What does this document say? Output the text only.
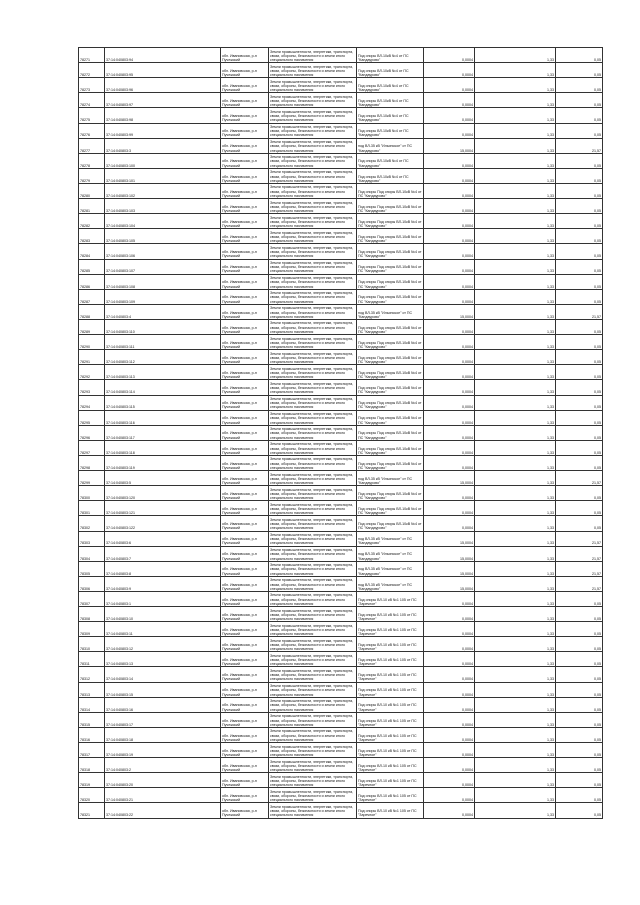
78271	37:14:040803:94	обл. Ивановская, р-н Пучежский	Земли промышленности, энергетики, транспорта, связи, обороны, безопасности и земли иного специального назначения	Под опоры ВЛ-10кВ №4 от ПС "Кандаурово"	0,0004	1,33	0,05
78272	37:14:040803:95	обл. Ивановская, р-н Пучежский	Земли промышленности, энергетики, транспорта, связи, обороны, безопасности и земли иного специального назначения	Под опоры ВЛ-10кВ №4 от ПС "Кандаурово"	0,0004	1,33	0,05
78273	37:14:040803:96	обл. Ивановская, р-н Пучежский	Земли промышленности, энергетики, транспорта, связи, обороны, безопасности и земли иного специального назначения	Под опоры ВЛ-10кВ №4 от ПС "Кандаурово"	0,0004	1,33	0,05
78274	37:14:040803:97	обл. Ивановская, р-н Пучежский	Земли промышленности, энергетики, транспорта, связи, обороны, безопасности и земли иного специального назначения	Под опоры ВЛ-10кВ №4 от ПС "Кандаурово"	0,0004	1,33	0,05
78275	37:14:040803:98	обл. Ивановская, р-н Пучежский	Земли промышленности, энергетики, транспорта, связи, обороны, безопасности и земли иного специального назначения	Под опоры ВЛ-10кВ №4 от ПС "Кандаурово"	0,0004	1,33	0,05
78276	37:14:040803:99	обл. Ивановская, р-н Пучежский	Земли промышленности, энергетики, транспорта, связи, обороны, безопасности и земли иного специального назначения	Под опоры ВЛ-10кВ №4 от ПС "Кандаурово"	0,0004	1,33	0,05
78277	37:14:040803:3	обл. Ивановская, р-н Пучежский	Земли промышленности, энергетики, транспорта, связи, обороны, безопасности и земли иного специального назначения	под ВЛ-35 кВ "Ильинское" от ПС "Кандаурово"	15,0004	1,33	21,57
78278	37:14:040803:100	обл. Ивановская, р-н Пучежский	Земли промышленности, энергетики, транспорта, связи, обороны, безопасности и земли иного специального назначения	Под опоры ВЛ-10кВ №4 от ПС "Кандаурово"	0,0004	1,33	0,05
78279	37:14:040803:101	обл. Ивановская, р-н Пучежский	Земли промышленности, энергетики, транспорта, связи, обороны, безопасности и земли иного специального назначения	Под опоры ВЛ-10кВ №4 от ПС "Кандаурово"	0,0004	1,33	0,05
78280	37:14:040803:102	обл. Ивановская, р-н Пучежский	Земли промышленности, энергетики, транспорта, связи, обороны, безопасности и земли иного специального назначения	Под опоры Под опоры ВЛ-10кВ №4 от ПС "Кандаурово"	0,0004	1,33	0,05
78281	37:14:040803:103	обл. Ивановская, р-н Пучежский	Земли промышленности, энергетики, транспорта, связи, обороны, безопасности и земли иного специального назначения	Под опоры Под опоры ВЛ-10кВ №4 от ПС "Кандаурово"	0,0004	1,33	0,05
78282	37:14:040803:104	обл. Ивановская, р-н Пучежский	Земли промышленности, энергетики, транспорта, связи, обороны, безопасности и земли иного специального назначения	Под опоры Под опоры ВЛ-10кВ №4 от ПС "Кандаурово"	0,0004	1,33	0,05
78283	37:14:040803:105	обл. Ивановская, р-н Пучежский	Земли промышленности, энергетики, транспорта, связи, обороны, безопасности и земли иного специального назначения	Под опоры Под опоры ВЛ-10кВ №4 от ПС "Кандаурово"	0,0004	1,33	0,05
78284	37:14:040803:106	обл. Ивановская, р-н Пучежский	Земли промышленности, энергетики, транспорта, связи, обороны, безопасности и земли иного специального назначения	Под опоры Под опоры ВЛ-10кВ №4 от ПС "Кандаурово"	0,0004	1,33	0,05
78285	37:14:040803:107	обл. Ивановская, р-н Пучежский	Земли промышленности, энергетики, транспорта, связи, обороны, безопасности и земли иного специального назначения	Под опоры Под опоры ВЛ-10кВ №4 от ПС "Кандаурово"	0,0004	1,33	0,05
78286	37:14:040803:108	обл. Ивановская, р-н Пучежский	Земли промышленности, энергетики, транспорта, связи, обороны, безопасности и земли иного специального назначения	Под опоры Под опоры ВЛ-10кВ №4 от ПС "Кандаурово"	0,0004	1,33	0,05
78287	37:14:040803:109	обл. Ивановская, р-н Пучежский	Земли промышленности, энергетики, транспорта, связи, обороны, безопасности и земли иного специального назначения	Под опоры Под опоры ВЛ-10кВ №4 от ПС "Кандаурово"	0,0004	1,33	0,05
78288	37:14:040803:4	обл. Ивановская, р-н Пучежский	Земли промышленности, энергетики, транспорта, связи, обороны, безопасности и земли иного специального назначения	под ВЛ-35 кВ "Ильинское" от ПС "Кандаурово"	15,0004	1,33	21,57
78289	37:14:040803:110	обл. Ивановская, р-н Пучежский	Земли промышленности, энергетики, транспорта, связи, обороны, безопасности и земли иного специального назначения	Под опоры Под опоры ВЛ-10кВ №4 от ПС "Кандаурово"	0,0004	1,33	0,05
78290	37:14:040803:111	обл. Ивановская, р-н Пучежский	Земли промышленности, энергетики, транспорта, связи, обороны, безопасности и земли иного специального назначения	Под опоры Под опоры ВЛ-10кВ №4 от ПС "Кандаурово"	0,0004	1,33	0,05
78291	37:14:040803:112	обл. Ивановская, р-н Пучежский	Земли промышленности, энергетики, транспорта, связи, обороны, безопасности и земли иного специального назначения	Под опоры Под опоры ВЛ-10кВ №4 от ПС "Кандаурово"	0,0004	1,33	0,05
78292	37:14:040803:113	обл. Ивановская, р-н Пучежский	Земли промышленности, энергетики, транспорта, связи, обороны, безопасности и земли иного специального назначения	Под опоры Под опоры ВЛ-10кВ №4 от ПС "Кандаурово"	0,0004	1,33	0,05
78293	37:14:040803:114	обл. Ивановская, р-н Пучежский	Земли промышленности, энергетики, транспорта, связи, обороны, безопасности и земли иного специального назначения	Под опоры Под опоры ВЛ-10кВ №4 от ПС "Кандаурово"	0,0004	1,33	0,05
78294	37:14:040803:115	обл. Ивановская, р-н Пучежский	Земли промышленности, энергетики, транспорта, связи, обороны, безопасности и земли иного специального назначения	Под опоры Под опоры ВЛ-10кВ №4 от ПС "Кандаурово"	0,0004	1,33	0,05
78295	37:14:040803:116	обл. Ивановская, р-н Пучежский	Земли промышленности, энергетики, транспорта, связи, обороны, безопасности и земли иного специального назначения	Под опоры Под опоры ВЛ-10кВ №4 от ПС "Кандаурово"	0,0004	1,33	0,05
78296	37:14:040803:117	обл. Ивановская, р-н Пучежский	Земли промышленности, энергетики, транспорта, связи, обороны, безопасности и земли иного специального назначения	Под опоры Под опоры ВЛ-10кВ №4 от ПС "Кандаурово"	0,0004	1,33	0,05
78297	37:14:040803:118	обл. Ивановская, р-н Пучежский	Земли промышленности, энергетики, транспорта, связи, обороны, безопасности и земли иного специального назначения	Под опоры Под опоры ВЛ-10кВ №4 от ПС "Кандаурово"	0,0004	1,33	0,05
78298	37:14:040803:119	обл. Ивановская, р-н Пучежский	Земли промышленности, энергетики, транспорта, связи, обороны, безопасности и земли иного специального назначения	Под опоры Под опоры ВЛ-10кВ №4 от ПС "Кандаурово"	0,0004	1,33	0,05
78299	37:14:040803:5	обл. Ивановская, р-н Пучежский	Земли промышленности, энергетики, транспорта, связи, обороны, безопасности и земли иного специального назначения	под ВЛ-35 кВ "Ильинское" от ПС "Кандаурово"	15,0004	1,33	21,57
78300	37:14:040803:120	обл. Ивановская, р-н Пучежский	Земли промышленности, энергетики, транспорта, связи, обороны, безопасности и земли иного специального назначения	Под опоры Под опоры ВЛ-10кВ №4 от ПС "Кандаурово"	0,0004	1,33	0,05
78301	37:14:040803:121	обл. Ивановская, р-н Пучежский	Земли промышленности, энергетики, транспорта, связи, обороны, безопасности и земли иного специального назначения	Под опоры Под опоры ВЛ-10кВ №4 от ПС "Кандаурово"	0,0004	1,33	0,05
78302	37:14:040803:122	обл. Ивановская, р-н Пучежский	Земли промышленности, энергетики, транспорта, связи, обороны, безопасности и земли иного специального назначения	Под опоры Под опоры ВЛ-10кВ №4 от ПС "Кандаурово"	0,0004	1,33	0,05
78303	37:14:040803:6	обл. Ивановская, р-н Пучежский	Земли промышленности, энергетики, транспорта, связи, обороны, безопасности и земли иного специального назначения	под ВЛ-35 кВ "Ильинское" от ПС "Кандаурово"	15,0004	1,33	21,57
78304	37:14:040803:7	обл. Ивановская, р-н Пучежский	Земли промышленности, энергетики, транспорта, связи, обороны, безопасности и земли иного специального назначения	под ВЛ-35 кВ "Ильинское" от ПС "Кандаурово"	15,0004	1,33	21,57
78305	37:14:040803:8	обл. Ивановская, р-н Пучежский	Земли промышленности, энергетики, транспорта, связи, обороны, безопасности и земли иного специального назначения	под ВЛ-35 кВ "Ильинское" от ПС "Кандаурово"	15,0004	1,33	21,57
78306	37:14:040803:9	обл. Ивановская, р-н Пучежский	Земли промышленности, энергетики, транспорта, связи, обороны, безопасности и земли иного специального назначения	под ВЛ-35 кВ "Ильинское" от ПС "Кандаурово"	15,0004	1,33	21,57
78307	37:14:040803:1	обл. Ивановская, р-н Пучежский	Земли промышленности, энергетики, транспорта, связи, обороны, безопасности и земли иного специального назначения	Под опоры ВЛ-10 кВ №1 105 от ПС "Заречное"	0,0004	1,33	0,05
78308	37:14:040803:10	обл. Ивановская, р-н Пучежский	Земли промышленности, энергетики, транспорта, связи, обороны, безопасности и земли иного специального назначения	Под опоры ВЛ-10 кВ №1 105 от ПС "Заречное"	0,0004	1,33	0,05
78309	37:14:040803:11	обл. Ивановская, р-н Пучежский	Земли промышленности, энергетики, транспорта, связи, обороны, безопасности и земли иного специального назначения	Под опоры ВЛ-10 кВ №1 105 от ПС "Заречное"	0,0004	1,33	0,05
78310	37:14:040803:12	обл. Ивановская, р-н Пучежский	Земли промышленности, энергетики, транспорта, связи, обороны, безопасности и земли иного специального назначения	Под опоры ВЛ-10 кВ №1 105 от ПС "Заречное"	0,0004	1,33	0,05
78311	37:14:040803:13	обл. Ивановская, р-н Пучежский	Земли промышленности, энергетики, транспорта, связи, обороны, безопасности и земли иного специального назначения	Под опоры ВЛ-10 кВ №1 105 от ПС "Заречное"	0,0004	1,33	0,05
78312	37:14:040803:14	обл. Ивановская, р-н Пучежский	Земли промышленности, энергетики, транспорта, связи, обороны, безопасности и земли иного специального назначения	Под опоры ВЛ-10 кВ №1 105 от ПС "Заречное"	0,0004	1,33	0,05
78313	37:14:040803:15	обл. Ивановская, р-н Пучежский	Земли промышленности, энергетики, транспорта, связи, обороны, безопасности и земли иного специального назначения	Под опоры ВЛ-10 кВ №1 105 от ПС "Заречное"	0,0004	1,33	0,05
78314	37:14:040803:16	обл. Ивановская, р-н Пучежский	Земли промышленности, энергетики, транспорта, связи, обороны, безопасности и земли иного специального назначения	Под опоры ВЛ-10 кВ №1 105 от ПС "Заречное"	0,0004	1,33	0,05
78315	37:14:040803:17	обл. Ивановская, р-н Пучежский	Земли промышленности, энергетики, транспорта, связи, обороны, безопасности и земли иного специального назначения	Под опоры ВЛ-10 кВ №1 105 от ПС "Заречное"	0,0004	1,33	0,05
78316	37:14:040803:18	обл. Ивановская, р-н Пучежский	Земли промышленности, энергетики, транспорта, связи, обороны, безопасности и земли иного специального назначения	Под опоры ВЛ-10 кВ №1 105 от ПС "Заречное"	0,0004	1,33	0,05
78317	37:14:040803:19	обл. Ивановская, р-н Пучежский	Земли промышленности, энергетики, транспорта, связи, обороны, безопасности и земли иного специального назначения	Под опоры ВЛ-10 кВ №1 105 от ПС "Заречное"	0,0004	1,33	0,05
78318	37:14:040803:2	обл. Ивановская, р-н Пучежский	Земли промышленности, энергетики, транспорта, связи, обороны, безопасности и земли иного специального назначения	Под опоры ВЛ-10 кВ №1 105 от ПС "Заречное"	0,0004	1,33	0,05
78319	37:14:040803:20	обл. Ивановская, р-н Пучежский	Земли промышленности, энергетики, транспорта, связи, обороны, безопасности и земли иного специального назначения	Под опоры ВЛ-10 кВ №1 105 от ПС "Заречное"	0,0004	1,33	0,05
78320	37:14:040803:21	обл. Ивановская, р-н Пучежский	Земли промышленности, энергетики, транспорта, связи, обороны, безопасности и земли иного специального назначения	Под опоры ВЛ-10 кВ №1 105 от ПС "Заречное"	0,0004	1,33	0,05
78321	37:14:040803:22	обл. Ивановская, р-н Пучежский	Земли промышленности, энергетики, транспорта, связи, обороны, безопасности и земли иного специального назначения	Под опоры ВЛ-10 кВ №1 105 от ПС "Заречное"	0,0004	1,33	0,05
